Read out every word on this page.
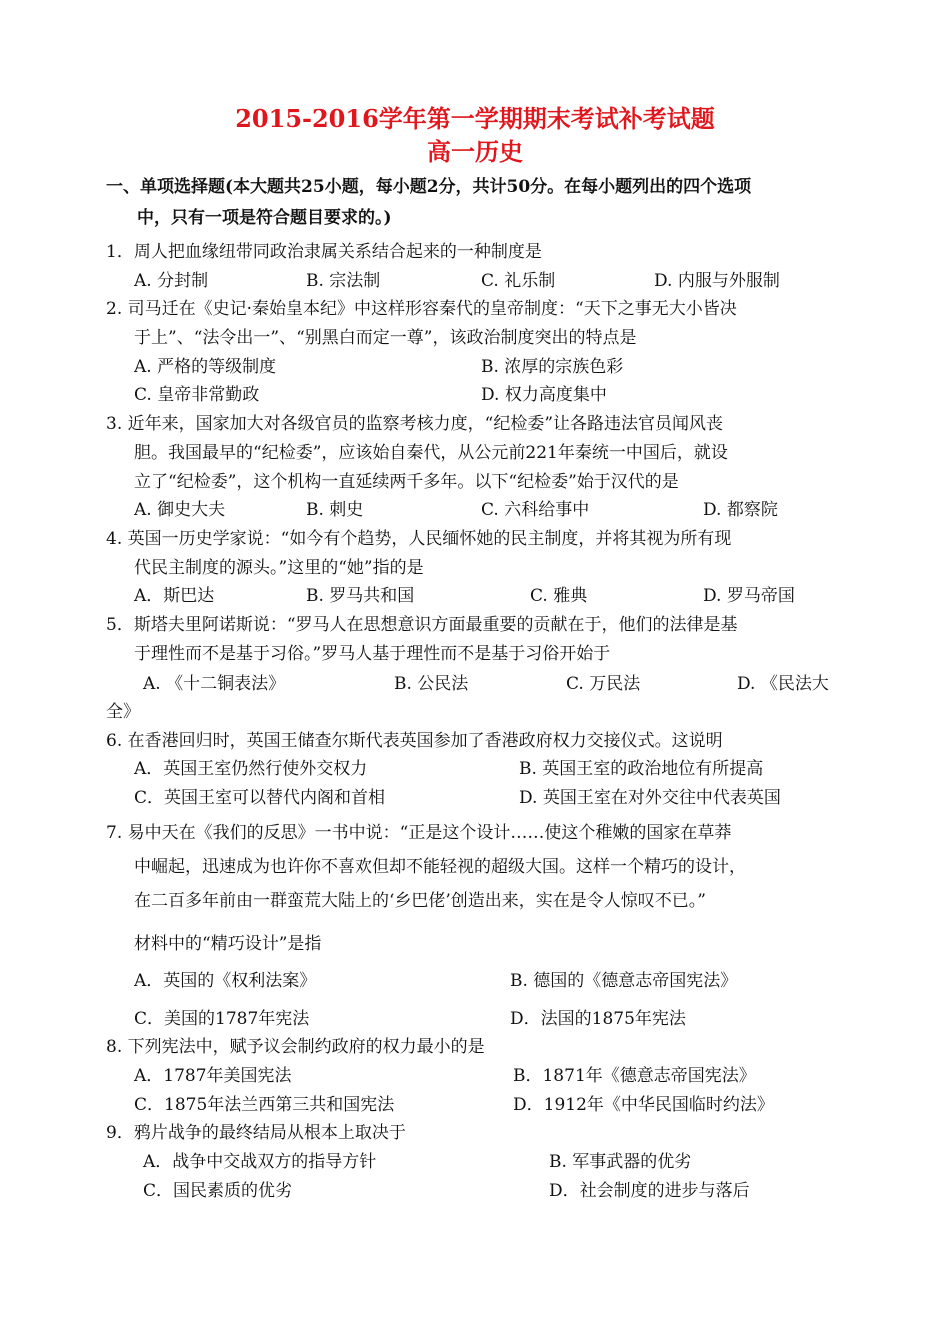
2015-2016学年第一学期期末考试补考试题
高一历史
一、单项选择题(本大题共25小题，每小题2分，共计50分。在每小题列出的四个选项
中，只有一项是符合题目要求的。)
1．周人把血缘纽带同政治隶属关系结合起来的一种制度是
A. 分封制	B. 宗法制	C. 礼乐制	D. 内服与外服制
2. 司马迁在《史记·秦始皇本纪》中这样形容秦代的皇帝制度：“天下之事无大小皆决
于上”、“法令出一”、“别黑白而定一尊”，该政治制度突出的特点是
A. 严格的等级制度	B. 浓厚的宗族色彩
C. 皇帝非常勤政	D. 权力高度集中
3. 近年来，国家加大对各级官员的监察考核力度，“纪检委”让各路违法官员闻风丧
胆。我国最早的“纪检委”，应该始自秦代，从公元前221年秦统一中国后，就设
立了“纪检委”，这个机构一直延续两千多年。以下“纪检委”始于汉代的是
A. 御史大夫	B. 刺史	C. 六科给事中	D. 都察院
4. 英国一历史学家说：“如今有个趋势，人民缅怀她的民主制度，并将其视为所有现
代民主制度的源头。”这里的“她”指的是
A．斯巴达	B. 罗马共和国	C. 雅典	D. 罗马帝国
5．斯塔夫里阿诺斯说：“罗马人在思想意识方面最重要的贡献在于，他们的法律是基
于理性而不是基于习俗。”罗马人基于理性而不是基于习俗开始于
A. 《十二铜表法》	B. 公民法	C. 万民法	D. 《民法大
全》
6. 在香港回归时，英国王储查尔斯代表英国参加了香港政府权力交接仪式。这说明
A．英国王室仍然行使外交权力	B. 英国王室的政治地位有所提高
C．英国王室可以替代内阁和首相	D. 英国王室在对外交往中代表英国
7. 易中天在《我们的反思》一书中说：“正是这个设计……使这个稚嫩的国家在草莽
中崛起，迅速成为也许你不喜欢但却不能轻视的超级大国。这样一个精巧的设计，
在二百多年前由一群蛮荒大陆上的‘乡巴佬’创造出来，实在是令人惊叹不已。”
材料中的“精巧设计”是指
A．英国的《权利法案》	B. 德国的《德意志帝国宪法》
C．美国的1787年宪法	D．法国的1875年宪法
8. 下列宪法中，赋予议会制约政府的权力最小的是
A．1787年美国宪法	B．1871年《德意志帝国宪法》
C．1875年法兰西第三共和国宪法	D．1912年《中华民国临时约法》
9．鸦片战争的最终结局从根本上取决于
A．战争中交战双方的指导方针	B. 军事武器的优劣
C．国民素质的优劣	D．社会制度的进步与落后
